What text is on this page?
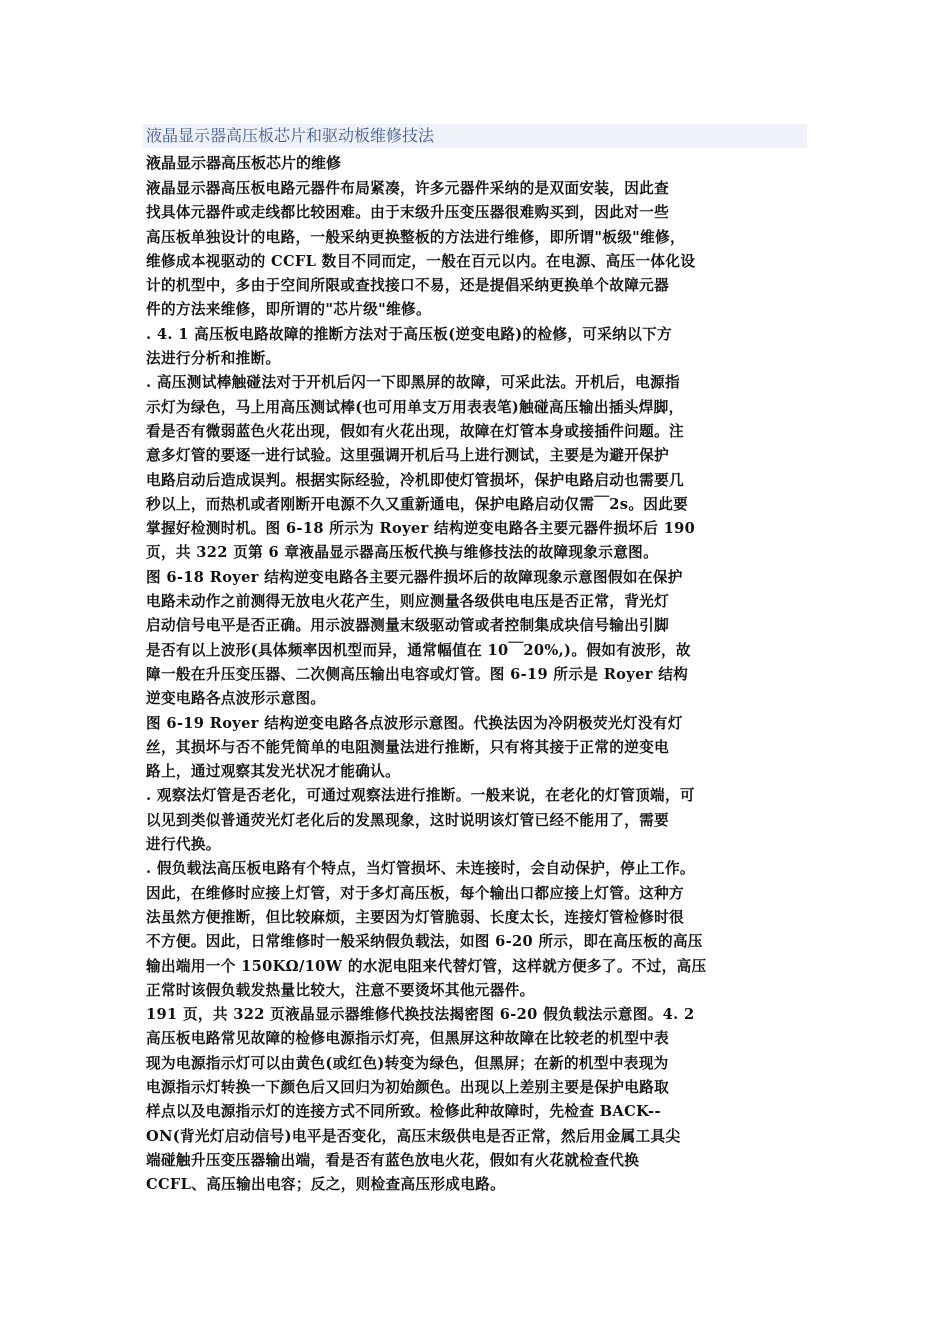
液晶显示器高压板芯片和驱动板维修技法
液晶显示器高压板芯片的维修
液晶显示器高压板电路元器件布局紧凑，许多元器件采纳的是双面安装，因此查
找具体元器件或走线都比较困难。由于末级升压变压器很难购买到，因此对一些
高压板单独设计的电路，一般采纳更换整板的方法进行维修，即所谓"板级"维修，
维修成本视驱动的 CCFL 数目不同而定，一般在百元以内。在电源、高压一体化设
计的机型中，多由于空间所限或查找接口不易，还是提倡采纳更换单个故障元器
件的方法来维修，即所谓的"芯片级"维修。
. 4. 1 高压板电路故障的推断方法对于高压板(逆变电路)的检修，可采纳以下方
法进行分析和推断。
. 高压测试棒触碰法对于开机后闪一下即黑屏的故障，可采此法。开机后，电源指
示灯为绿色，马上用高压测试棒(也可用单支万用表表笔)触碰高压输出插头焊脚，
看是否有微弱蓝色火花出现，假如有火花出现，故障在灯管本身或接插件问题。注
意多灯管的要逐一进行试验。这里强调开机后马上进行测试，主要是为避开保护
电路启动后造成误判。根据实际经验，冷机即使灯管损坏，保护电路启动也需要几
秒以上，而热机或者刚断开电源不久又重新通电，保护电路启动仅需￣2s。因此要
掌握好检测时机。图 6-18 所示为 Royer 结构逆变电路各主要元器件损坏后 190
页，共 322 页第 6 章液晶显示器高压板代换与维修技法的故障现象示意图。
图 6-18 Royer 结构逆变电路各主要元器件损坏后的故障现象示意图假如在保护
电路未动作之前测得无放电火花产生，则应测量各级供电电压是否正常，背光灯
启动信号电平是否正确。用示波器测量末级驱动管或者控制集成块信号输出引脚
是否有以上波形(具体频率因机型而异，通常幅值在 10￣20%,)。假如有波形，故
障一般在升压变压器、二次侧高压输出电容或灯管。图 6-19 所示是 Royer 结构
逆变电路各点波形示意图。
图 6-19 Royer 结构逆变电路各点波形示意图。代换法因为冷阴极荧光灯没有灯
丝，其损坏与否不能凭简单的电阻测量法进行推断，只有将其接于正常的逆变电
路上，通过观察其发光状况才能确认。
. 观察法灯管是否老化，可通过观察法进行推断。一般来说，在老化的灯管顶端，可
以见到类似普通荧光灯老化后的发黑现象，这时说明该灯管已经不能用了，需要
进行代换。
. 假负载法高压板电路有个特点，当灯管损坏、未连接时，会自动保护，停止工作。
因此，在维修时应接上灯管，对于多灯高压板，每个输出口都应接上灯管。这种方
法虽然方便推断，但比较麻烦，主要因为灯管脆弱、长度太长，连接灯管检修时很
不方便。因此，日常维修时一般采纳假负载法，如图 6-20 所示，即在高压板的高压
输出端用一个 150KΩ/10W 的水泥电阻来代替灯管，这样就方便多了。不过，高压
正常时该假负载发热量比较大，注意不要烫坏其他元器件。
191 页，共 322 页液晶显示器维修代换技法揭密图 6-20 假负载法示意图。4. 2
高压板电路常见故障的检修电源指示灯亮，但黑屏这种故障在比较老的机型中表
现为电源指示灯可以由黄色(或红色)转变为绿色，但黑屏；在新的机型中表现为
电源指示灯转换一下颜色后又回归为初始颜色。出现以上差别主要是保护电路取
样点以及电源指示灯的连接方式不同所致。检修此种故障时，先检查 BACK--
ON(背光灯启动信号)电平是否变化，高压末级供电是否正常，然后用金属工具尖
端碰触升压变压器输出端，看是否有蓝色放电火花，假如有火花就检查代换
CCFL、高压输出电容；反之，则检查高压形成电路。
